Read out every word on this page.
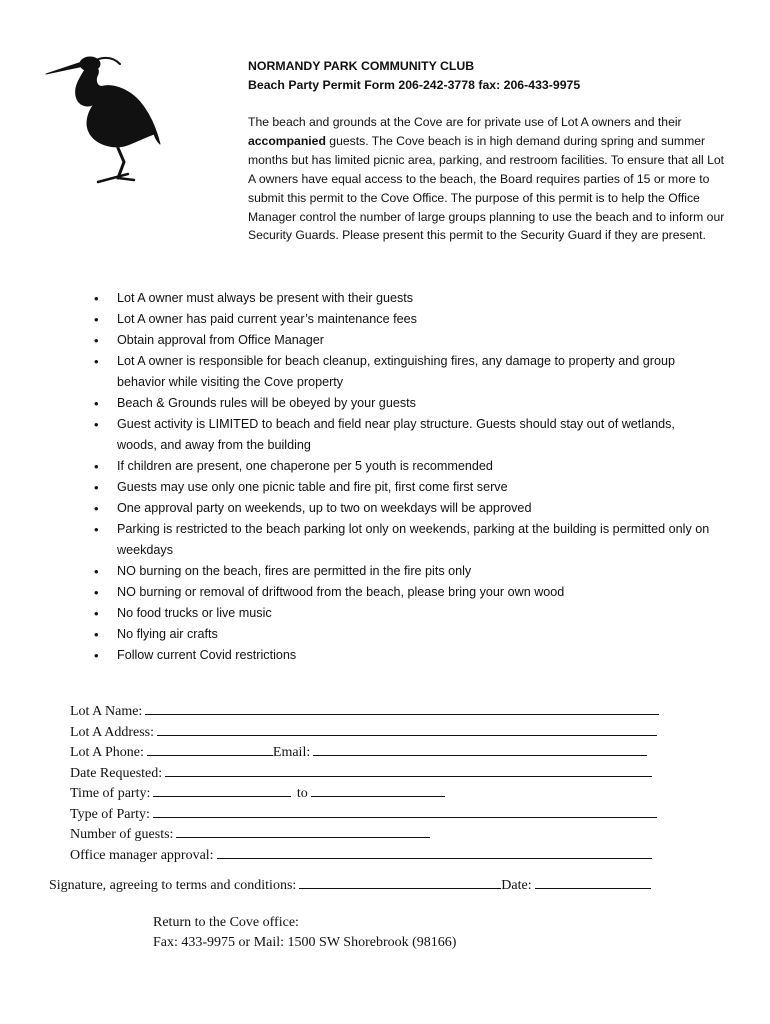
NORMANDY PARK COMMUNITY CLUB
Beach Party Permit Form 206-242-3778 fax: 206-433-9975
The beach and grounds at the Cove are for private use of Lot A owners and their accompanied guests. The Cove beach is in high demand during spring and summer months but has limited picnic area, parking, and restroom facilities. To ensure that all Lot A owners have equal access to the beach, the Board requires parties of 15 or more to submit this permit to the Cove Office. The purpose of this permit is to help the Office Manager control the number of large groups planning to use the beach and to inform our Security Guards. Please present this permit to the Security Guard if they are present.
• Lot A owner must always be present with their guests
• Lot A owner has paid current year’s maintenance fees
• Obtain approval from Office Manager
• Lot A owner is responsible for beach cleanup, extinguishing fires, any damage to property and group behavior while visiting the Cove property
• Beach & Grounds rules will be obeyed by your guests
• Guest activity is LIMITED to beach and field near play structure. Guests should stay out of wetlands, woods, and away from the building
• If children are present, one chaperone per 5 youth is recommended
• Guests may use only one picnic table and fire pit, first come first serve
• One approval party on weekends, up to two on weekdays will be approved
• Parking is restricted to the beach parking lot only on weekends, parking at the building is permitted only on weekdays
• NO burning on the beach, fires are permitted in the fire pits only
• NO burning or removal of driftwood from the beach, please bring your own wood
• No food trucks or live music
• No flying air crafts
• Follow current Covid restrictions
Lot A Name:
Lot A Address:
Lot A Phone:	Email:
Date Requested:
Time of party:	to
Type of Party:
Number of guests:
Office manager approval:
Signature, agreeing to terms and conditions:	Date:
Return to the Cove office:
Fax: 433-9975 or Mail: 1500 SW Shorebrook (98166)
